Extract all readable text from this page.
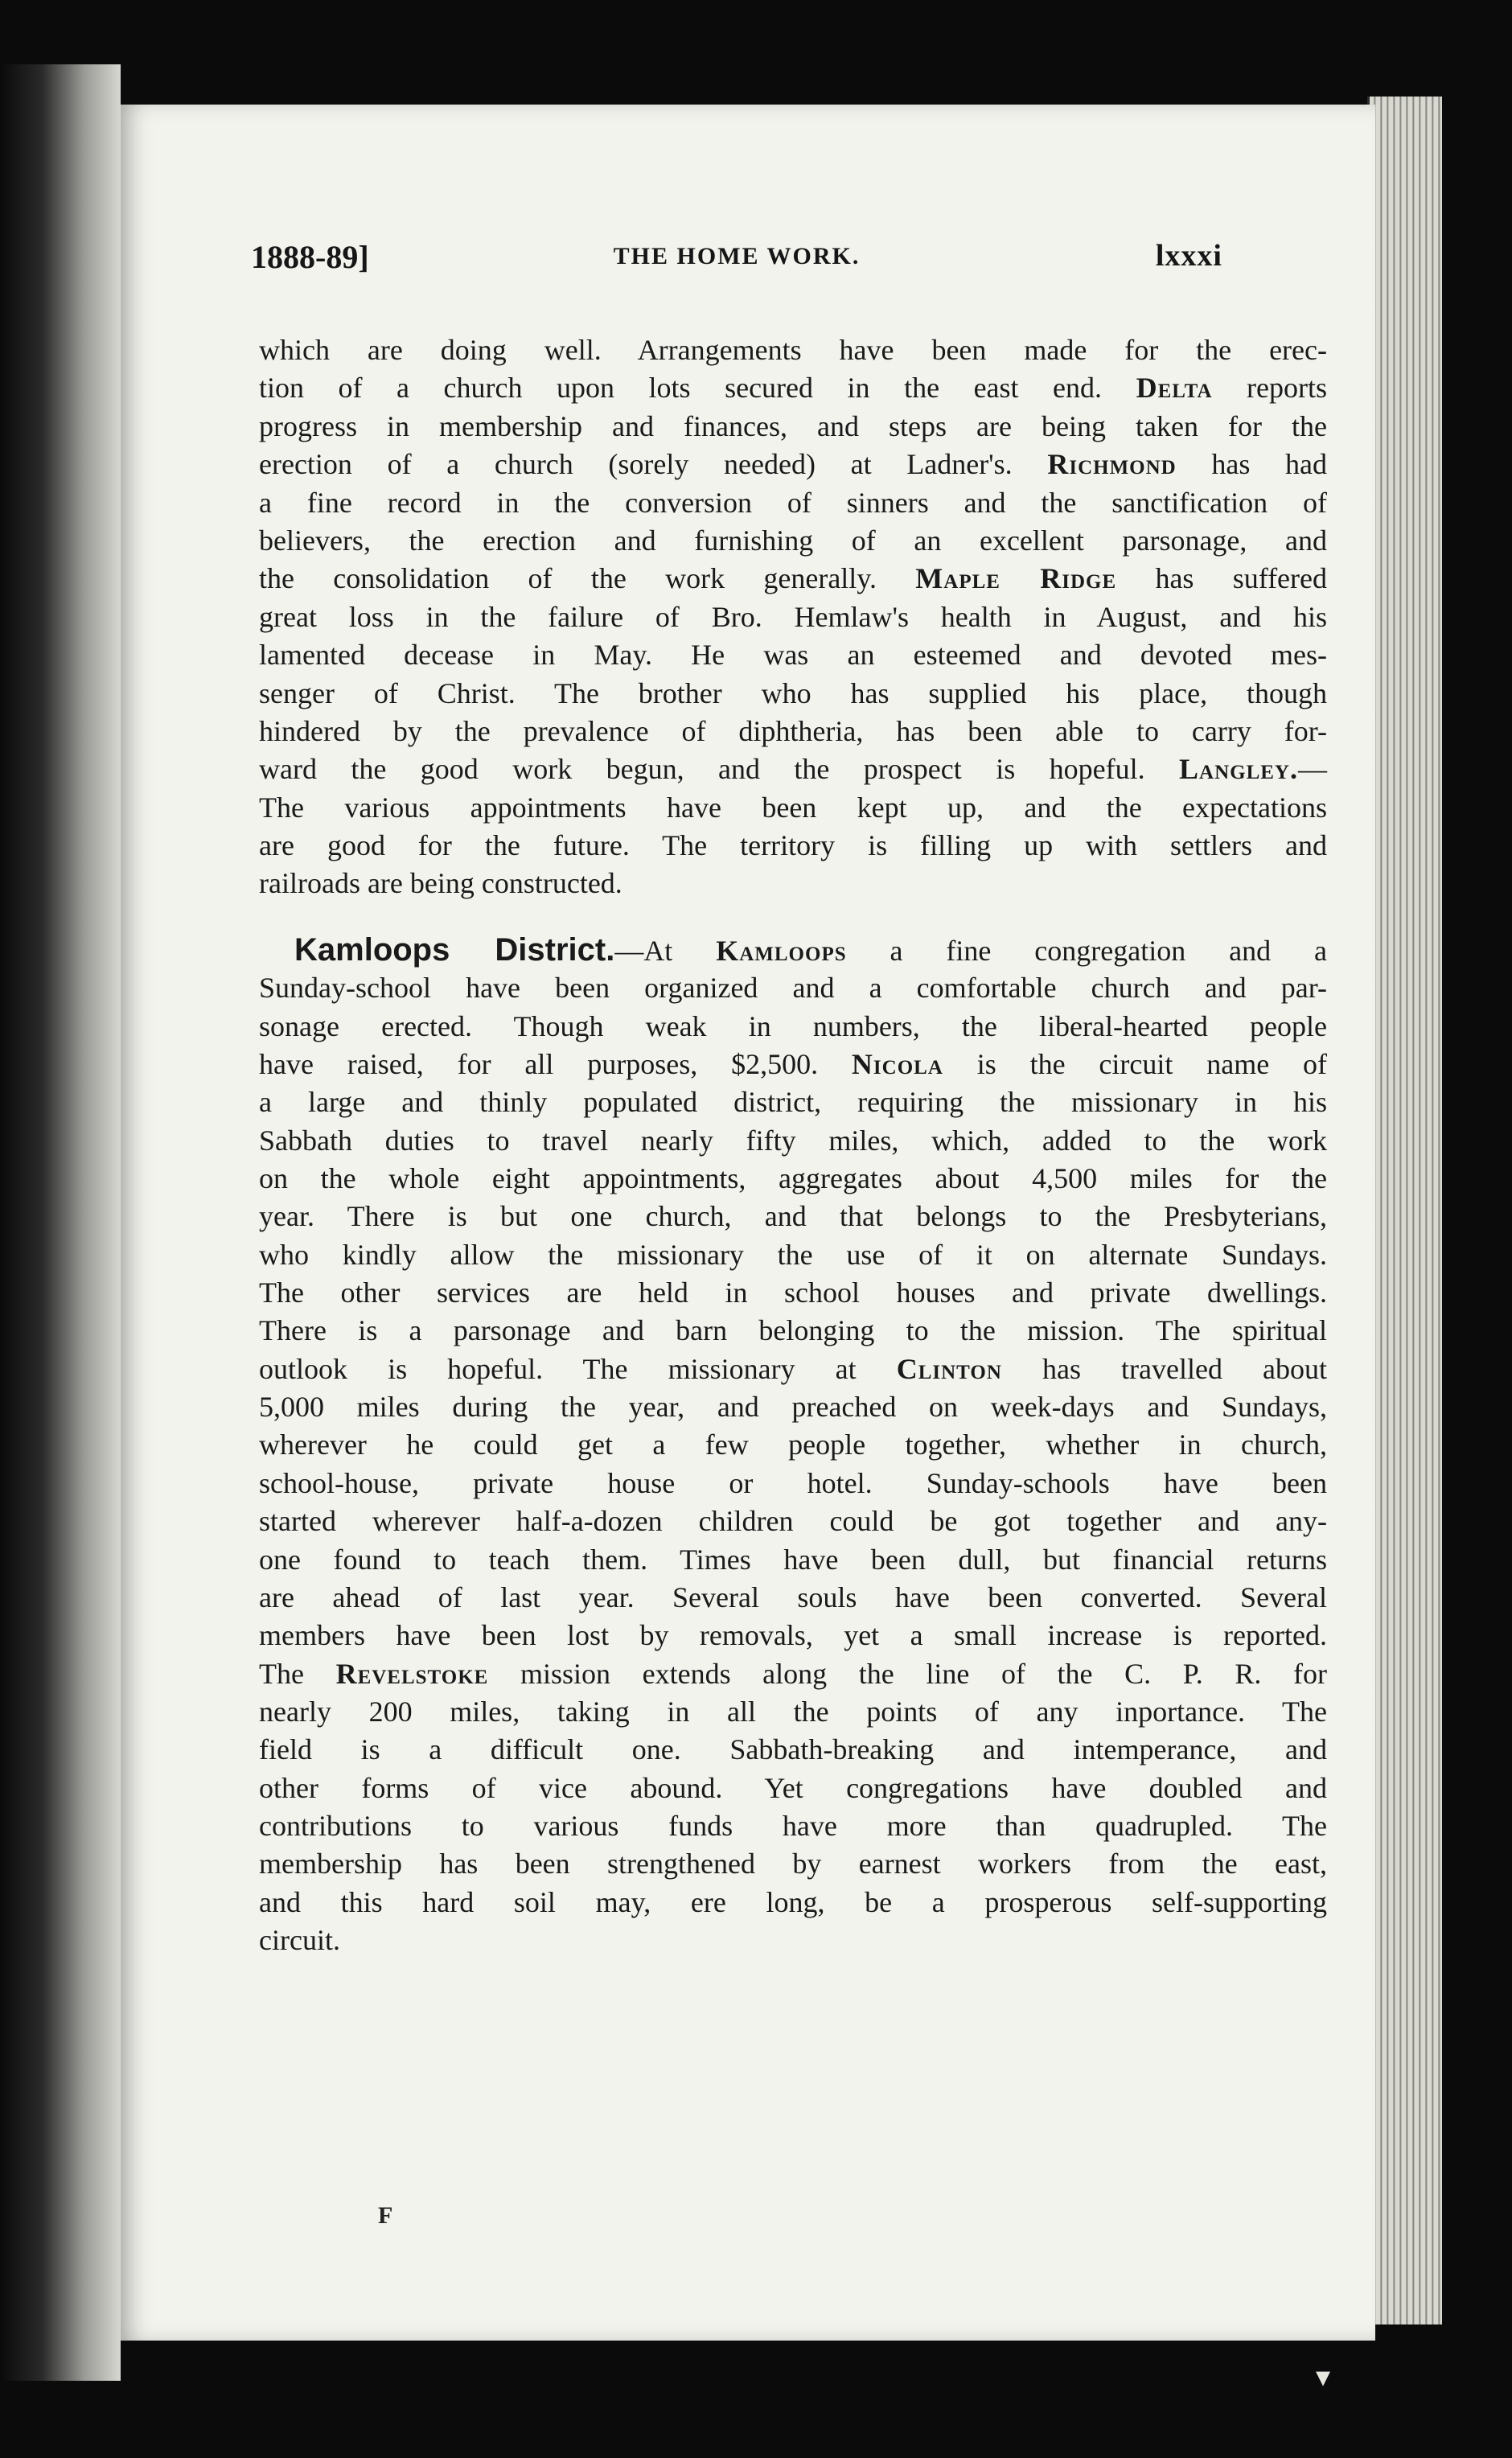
1888-89]	THE HOME WORK.	lxxxi
which are doing well. Arrangements have been made for the erec-
tion of a church upon lots secured in the east end. Delta reports
progress in membership and finances, and steps are being taken for the
erection of a church (sorely needed) at Ladner's. Richmond has had
a fine record in the conversion of sinners and the sanctification of
believers, the erection and furnishing of an excellent parsonage, and
the consolidation of the work generally. Maple Ridge has suffered
great loss in the failure of Bro. Hemlaw's health in August, and his
lamented decease in May. He was an esteemed and devoted mes-
senger of Christ. The brother who has supplied his place, though
hindered by the prevalence of diphtheria, has been able to carry for-
ward the good work begun, and the prospect is hopeful. Langley.—
The various appointments have been kept up, and the expectations
are good for the future. The territory is filling up with settlers and
railroads are being constructed.
Kamloops District.—At Kamloops a fine congregation and a
Sunday-school have been organized and a comfortable church and par-
sonage erected. Though weak in numbers, the liberal-hearted people
have raised, for all purposes, $2,500. Nicola is the circuit name of
a large and thinly populated district, requiring the missionary in his
Sabbath duties to travel nearly fifty miles, which, added to the work
on the whole eight appointments, aggregates about 4,500 miles for the
year. There is but one church, and that belongs to the Presbyterians,
who kindly allow the missionary the use of it on alternate Sundays.
The other services are held in school houses and private dwellings.
There is a parsonage and barn belonging to the mission. The spiritual
outlook is hopeful. The missionary at Clinton has travelled about
5,000 miles during the year, and preached on week-days and Sundays,
wherever he could get a few people together, whether in church,
school-house, private house or hotel. Sunday-schools have been
started wherever half-a-dozen children could be got together and any-
one found to teach them. Times have been dull, but financial returns
are ahead of last year. Several souls have been converted. Several
members have been lost by removals, yet a small increase is reported.
The Revelstoke mission extends along the line of the C. P. R. for
nearly 200 miles, taking in all the points of any inportance. The
field is a difficult one. Sabbath-breaking and intemperance, and
other forms of vice abound. Yet congregations have doubled and
contributions to various funds have more than quadrupled. The
membership has been strengthened by earnest workers from the east,
and this hard soil may, ere long, be a prosperous self-supporting
circuit.
F
▾
